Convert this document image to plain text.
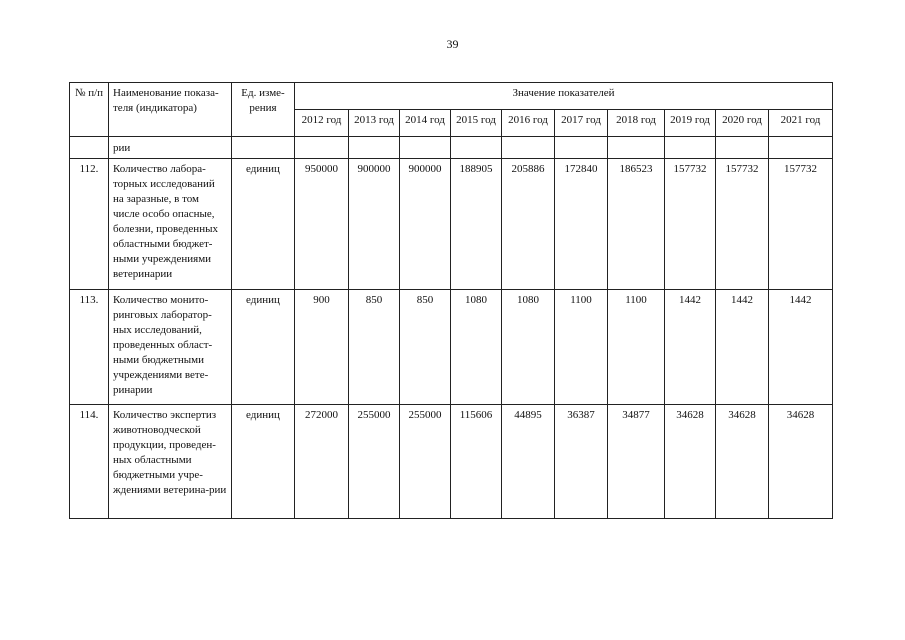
39
№ п/п	Наименование показа-теля (индикатора)	Ед. изме-рения	Значение показателей									
			2012 год	2013 год	2014 год	2015 год	2016 год	2017 год	2018 год	2019 год	2020 год	2021 год
	рии											
112.	Количество лабора-торных исследований на заразные, в том числе особо опасные, болезни, проведенных областными бюджет-ными учреждениями ветеринарии	единиц	950000	900000	900000	188905	205886	172840	186523	157732	157732	157732
113.	Количество монито-ринговых лаборатор-ных исследований, проведенных област-ными бюджетными учреждениями вете-ринарии	единиц	900	850	850	1080	1080	1100	1100	1442	1442	1442
114.	Количество экспертиз животноводческой продукции, проведен-ных областными бюджетными учре-ждениями ветерина-рии	единиц	272000	255000	255000	115606	44895	36387	34877	34628	34628	34628
